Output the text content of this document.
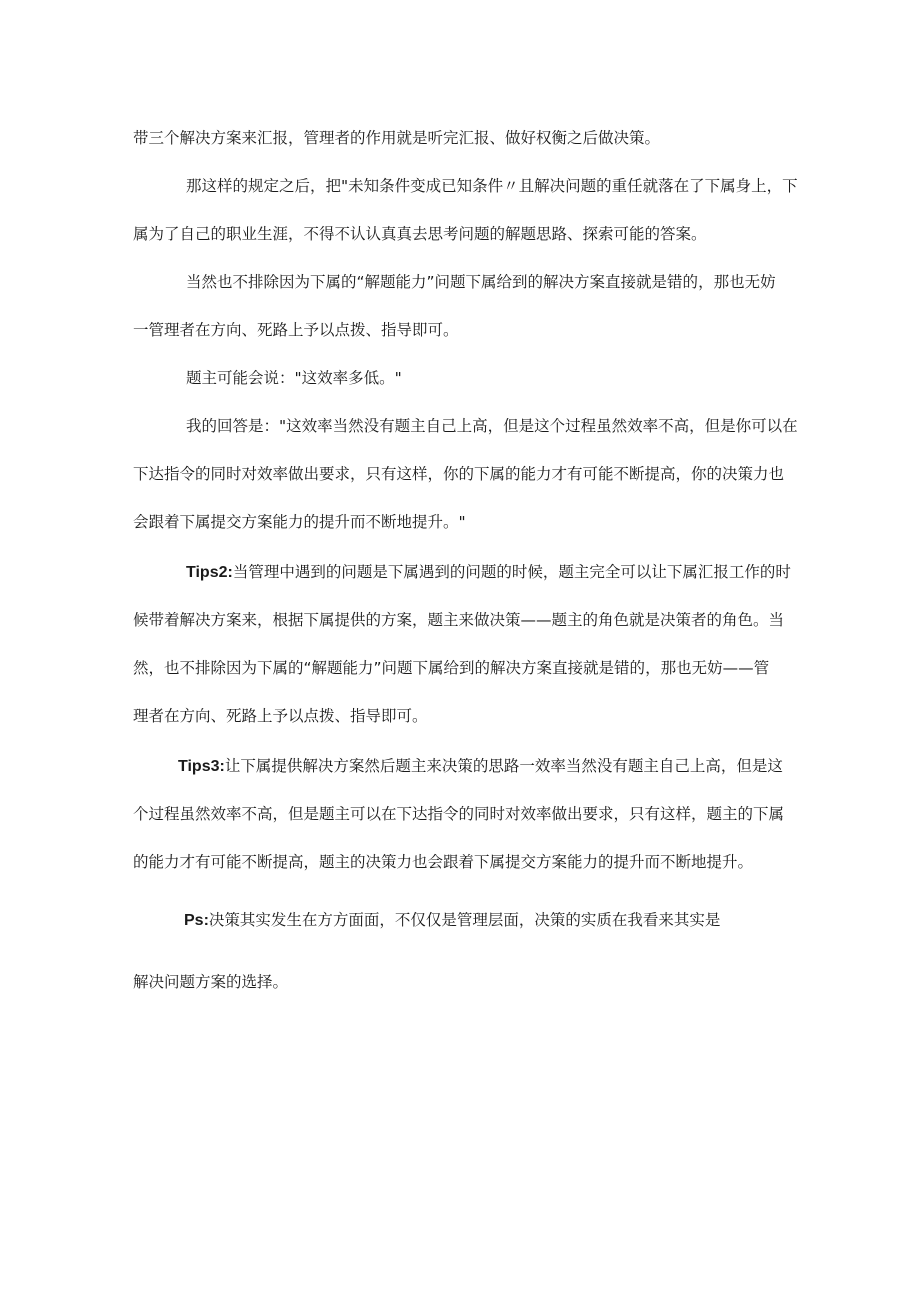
带三个解决方案来汇报，管理者的作用就是听完汇报、做好权衡之后做决策。

那这样的规定之后，把"未知条件变成已知条件〃且解决问题的重任就落在了下属身上，下

属为了自己的职业生涯，不得不认认真真去思考问题的解题思路、探索可能的答案。

当然也不排除因为下属的“解题能力”问题下属给到的解决方案直接就是错的，那也无妨

一管理者在方向、死路上予以点拨、指导即可。

题主可能会说："这效率多低。"

我的回答是："这效率当然没有题主自己上高，但是这个过程虽然效率不高，但是你可以在

下达指令的同时对效率做出要求，只有这样，你的下属的能力才有可能不断提高，你的决策力也

会跟着下属提交方案能力的提升而不断地提升。"

Tips2:当管理中遇到的问题是下属遇到的问题的时候，题主完全可以让下属汇报工作的时

候带着解决方案来，根据下属提供的方案，题主来做决策——题主的角色就是决策者的角色。当

然，也不排除因为下属的“解题能力”问题下属给到的解决方案直接就是错的，那也无妨——管

理者在方向、死路上予以点拨、指导即可。

Tips3:让下属提供解决方案然后题主来决策的思路一效率当然没有题主自己上高，但是这

个过程虽然效率不高，但是题主可以在下达指令的同时对效率做出要求，只有这样，题主的下属

的能力才有可能不断提高，题主的决策力也会跟着下属提交方案能力的提升而不断地提升。

Ps:决策其实发生在方方面面，不仅仅是管理层面，决策的实质在我看来其实是

解决问题方案的选择。
